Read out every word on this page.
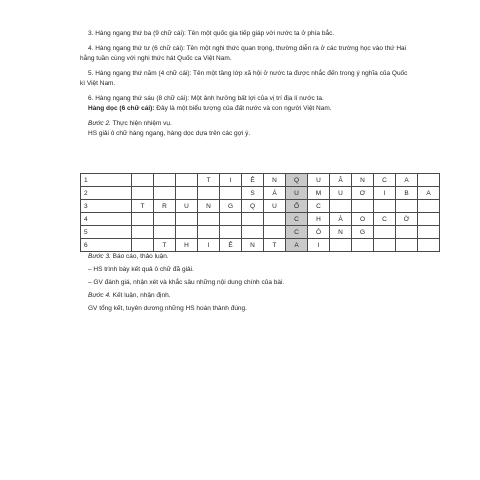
3. Hàng ngang thứ ba (9 chữ cái): Tên một quốc gia tiếp giáp với nước ta ở phía bắc.

4. Hàng ngang thứ tư (6 chữ cái): Tên một nghi thức quan trọng, thường diễn ra ở các trường học vào thứ Hai hằng tuần cùng với nghi thức hát Quốc ca Việt Nam.

5. Hàng ngang thứ năm (4 chữ cái): Tên một tầng lớp xã hội ở nước ta được nhắc đến trong ý nghĩa của Quốc kì Việt Nam.

6. Hàng ngang thứ sáu (8 chữ cái): Một ảnh hưởng bất lợi của vị trí địa lí nước ta.

Hàng dọc (6 chữ cái): Đây là một biểu tượng của đất nước và con người Việt Nam.

Bước 2. Thực hiện nhiệm vụ.

HS giải ô chữ hàng ngang, hàng dọc dựa trên các gợi ý.

1				T	I	Ê	N	Q	U	Â	N	C	A	
2						S	Á	U	M	U	Ơ	I	B	A
3	T	R	U	N	G	Q	U	Ố	C					
4								C	H	À	O	C	Ờ	
5								C	Ô	N	G			
6		T	H	I	Ê	N	T	A	I					

Bước 3. Báo cáo, thảo luận.

– HS trình bày kết quả ô chữ đã giải.

– GV đánh giá, nhận xét và khắc sâu những nội dung chính của bài.

Bước 4. Kết luận, nhận định.

GV tổng kết, tuyên dương những HS hoàn thành đúng.
